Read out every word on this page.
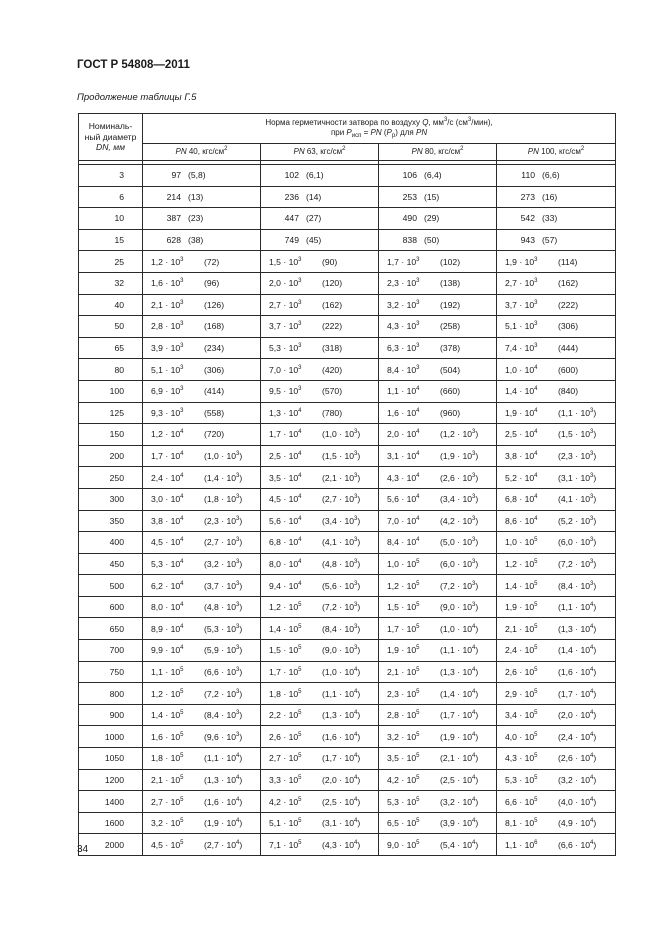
ГОСТ Р 54808—2011
Продолжение таблицы Г.5
Номиналь-
ный диаметр
DN, мм	Норма герметичности затвора по воздуху Q, $мм^3/с$ $(см^3/мин)$,
при $P_{исп}$ = PN $(P_р)$ для PN			
	PN 40, кгс/$см^2$	PN 63, кгс/$см^2$	PN 80, кгс/$см^2$	PN 100, кгс/$см^2$

3	97 (5,8)	102 (6,1)	106 (6,4)	110 (6,6)
6	214 (13)	236 (14)	253 (15)	273 (16)
10	387 (23)	447 (27)	490 (29)	542 (33)
15	628 (38)	749 (45)	838 (50)	943 (57)
25	$1,2 \cdot 10^3$ (72)	$1,5 \cdot 10^3$ (90)	$1,7 \cdot 10^3$ (102)	$1,9 \cdot 10^3$ (114)
32	$1,6 \cdot 10^3$ (96)	$2,0 \cdot 10^3$ (120)	$2,3 \cdot 10^3$ (138)	$2,7 \cdot 10^3$ (162)
40	$2,1 \cdot 10^3$ (126)	$2,7 \cdot 10^3$ (162)	$3,2 \cdot 10^3$ (192)	$3,7 \cdot 10^3$ (222)
50	$2,8 \cdot 10^3$ (168)	$3,7 \cdot 10^3$ (222)	$4,3 \cdot 10^3$ (258)	$5,1 \cdot 10^3$ (306)
65	$3,9 \cdot 10^3$ (234)	$5,3 \cdot 10^3$ (318)	$6,3 \cdot 10^3$ (378)	$7,4 \cdot 10^3$ (444)
80	$5,1 \cdot 10^3$ (306)	$7,0 \cdot 10^3$ (420)	$8,4 \cdot 10^3$ (504)	$1,0 \cdot 10^4$ (600)
100	$6,9 \cdot 10^3$ (414)	$9,5 \cdot 10^3$ (570)	$1,1 \cdot 10^4$ (660)	$1,4 \cdot 10^4$ (840)
125	$9,3 \cdot 10^3$ (558)	$1,3 \cdot 10^4$ (780)	$1,6 \cdot 10^4$ (960)	$1,9 \cdot 10^4$ $(1,1 \cdot 10^3)$
150	$1,2 \cdot 10^4$ (720)	$1,7 \cdot 10^4$ $(1,0 \cdot 10^3)$	$2,0 \cdot 10^4$ $(1,2 \cdot 10^3)$	$2,5 \cdot 10^4$ $(1,5 \cdot 10^3)$
200	$1,7 \cdot 10^4$ $(1,0 \cdot 10^3)$	$2,5 \cdot 10^4$ $(1,5 \cdot 10^3)$	$3,1 \cdot 10^4$ $(1,9 \cdot 10^3)$	$3,8 \cdot 10^4$ $(2,3 \cdot 10^3)$
250	$2,4 \cdot 10^4$ $(1,4 \cdot 10^3)$	$3,5 \cdot 10^4$ $(2,1 \cdot 10^3)$	$4,3 \cdot 10^4$ $(2,6 \cdot 10^3)$	$5,2 \cdot 10^4$ $(3,1 \cdot 10^3)$
300	$3,0 \cdot 10^4$ $(1,8 \cdot 10^3)$	$4,5 \cdot 10^4$ $(2,7 \cdot 10^3)$	$5,6 \cdot 10^4$ $(3,4 \cdot 10^3)$	$6,8 \cdot 10^4$ $(4,1 \cdot 10^3)$
350	$3,8 \cdot 10^4$ $(2,3 \cdot 10^3)$	$5,6 \cdot 10^4$ $(3,4 \cdot 10^3)$	$7,0 \cdot 10^4$ $(4,2 \cdot 10^3)$	$8,6 \cdot 10^4$ $(5,2 \cdot 10^3)$
400	$4,5 \cdot 10^4$ $(2,7 \cdot 10^3)$	$6,8 \cdot 10^4$ $(4,1 \cdot 10^3)$	$8,4 \cdot 10^4$ $(5,0 \cdot 10^3)$	$1,0 \cdot 10^5$ $(6,0 \cdot 10^3)$
450	$5,3 \cdot 10^4$ $(3,2 \cdot 10^3)$	$8,0 \cdot 10^4$ $(4,8 \cdot 10^3)$	$1,0 \cdot 10^5$ $(6,0 \cdot 10^3)$	$1,2 \cdot 10^5$ $(7,2 \cdot 10^3)$
500	$6,2 \cdot 10^4$ $(3,7 \cdot 10^3)$	$9,4 \cdot 10^4$ $(5,6 \cdot 10^3)$	$1,2 \cdot 10^5$ $(7,2 \cdot 10^3)$	$1,4 \cdot 10^5$ $(8,4 \cdot 10^3)$
600	$8,0 \cdot 10^4$ $(4,8 \cdot 10^3)$	$1,2 \cdot 10^5$ $(7,2 \cdot 10^3)$	$1,5 \cdot 10^5$ $(9,0 \cdot 10^3)$	$1,9 \cdot 10^5$ $(1,1 \cdot 10^4)$
650	$8,9 \cdot 10^4$ $(5,3 \cdot 10^3)$	$1,4 \cdot 10^5$ $(8,4 \cdot 10^3)$	$1,7 \cdot 10^5$ $(1,0 \cdot 10^4)$	$2,1 \cdot 10^5$ $(1,3 \cdot 10^4)$
700	$9,9 \cdot 10^4$ $(5,9 \cdot 10^3)$	$1,5 \cdot 10^5$ $(9,0 \cdot 10^3)$	$1,9 \cdot 10^5$ $(1,1 \cdot 10^4)$	$2,4 \cdot 10^5$ $(1,4 \cdot 10^4)$
750	$1,1 \cdot 10^5$ $(6,6 \cdot 10^3)$	$1,7 \cdot 10^5$ $(1,0 \cdot 10^4)$	$2,1 \cdot 10^5$ $(1,3 \cdot 10^4)$	$2,6 \cdot 10^5$ $(1,6 \cdot 10^4)$
800	$1,2 \cdot 10^5$ $(7,2 \cdot 10^3)$	$1,8 \cdot 10^5$ $(1,1 \cdot 10^4)$	$2,3 \cdot 10^5$ $(1,4 \cdot 10^4)$	$2,9 \cdot 10^5$ $(1,7 \cdot 10^4)$
900	$1,4 \cdot 10^5$ $(8,4 \cdot 10^3)$	$2,2 \cdot 10^5$ $(1,3 \cdot 10^4)$	$2,8 \cdot 10^5$ $(1,7 \cdot 10^4)$	$3,4 \cdot 10^5$ $(2,0 \cdot 10^4)$
1000	$1,6 \cdot 10^5$ $(9,6 \cdot 10^3)$	$2,6 \cdot 10^5$ $(1,6 \cdot 10^4)$	$3,2 \cdot 10^5$ $(1,9 \cdot 10^4)$	$4,0 \cdot 10^5$ $(2,4 \cdot 10^4)$
1050	$1,8 \cdot 10^5$ $(1,1 \cdot 10^4)$	$2,7 \cdot 10^5$ $(1,7 \cdot 10^4)$	$3,5 \cdot 10^5$ $(2,1 \cdot 10^4)$	$4,3 \cdot 10^5$ $(2,6 \cdot 10^4)$
1200	$2,1 \cdot 10^5$ $(1,3 \cdot 10^4)$	$3,3 \cdot 10^5$ $(2,0 \cdot 10^4)$	$4,2 \cdot 10^5$ $(2,5 \cdot 10^4)$	$5,3 \cdot 10^5$ $(3,2 \cdot 10^4)$
1400	$2,7 \cdot 10^5$ $(1,6 \cdot 10^4)$	$4,2 \cdot 10^5$ $(2,5 \cdot 10^4)$	$5,3 \cdot 10^5$ $(3,2 \cdot 10^4)$	$6,6 \cdot 10^5$ $(4,0 \cdot 10^4)$
1600	$3,2 \cdot 10^5$ $(1,9 \cdot 10^4)$	$5,1 \cdot 10^5$ $(3,1 \cdot 10^4)$	$6,5 \cdot 10^5$ $(3,9 \cdot 10^4)$	$8,1 \cdot 10^5$ $(4,9 \cdot 10^4)$
2000	$4,5 \cdot 10^5$ $(2,7 \cdot 10^4)$	$7,1 \cdot 10^5$ $(4,3 \cdot 10^4)$	$9,0 \cdot 10^5$ $(5,4 \cdot 10^4)$	$1,1 \cdot 10^6$ $(6,6 \cdot 10^4)$
34
